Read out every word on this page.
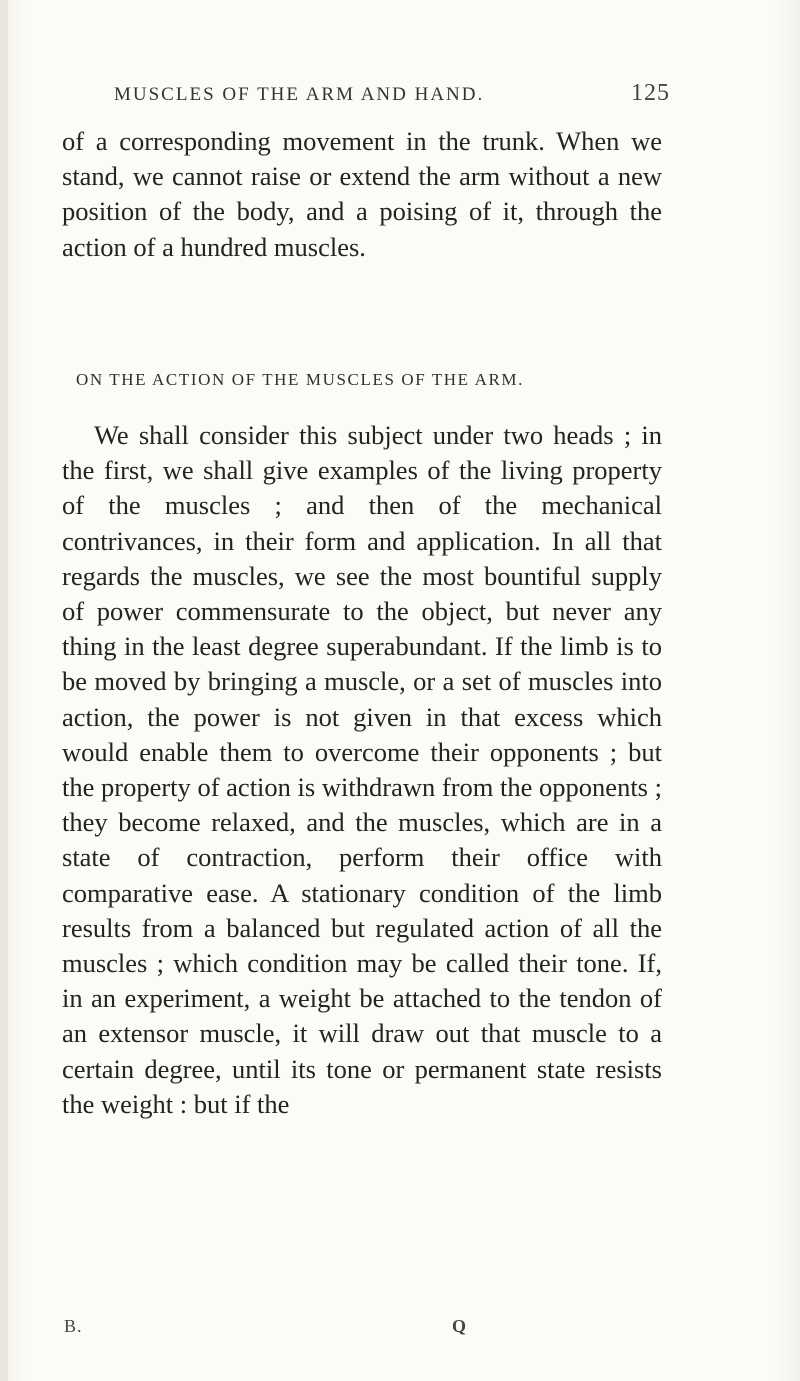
MUSCLES OF THE ARM AND HAND.	125

of a corresponding movement in the trunk. When we stand, we cannot raise or extend the arm without a new position of the body, and a poising of it, through the action of a hundred muscles.

ON THE ACTION OF THE MUSCLES OF THE ARM.

We shall consider this subject under two heads ; in the first, we shall give examples of the living property of the muscles ; and then of the mechanical contrivances, in their form and application. In all that regards the muscles, we see the most bountiful supply of power commensurate to the object, but never any thing in the least degree superabundant. If the limb is to be moved by bringing a muscle, or a set of muscles into action, the power is not given in that excess which would enable them to overcome their opponents ; but the property of action is withdrawn from the opponents ; they become relaxed, and the muscles, which are in a state of contraction, perform their office with comparative ease. A stationary condition of the limb results from a balanced but regulated action of all the muscles ; which condition may be called their tone. If, in an experiment, a weight be attached to the tendon of an extensor muscle, it will draw out that muscle to a certain degree, until its tone or permanent state resists the weight : but if the

B.	Q
